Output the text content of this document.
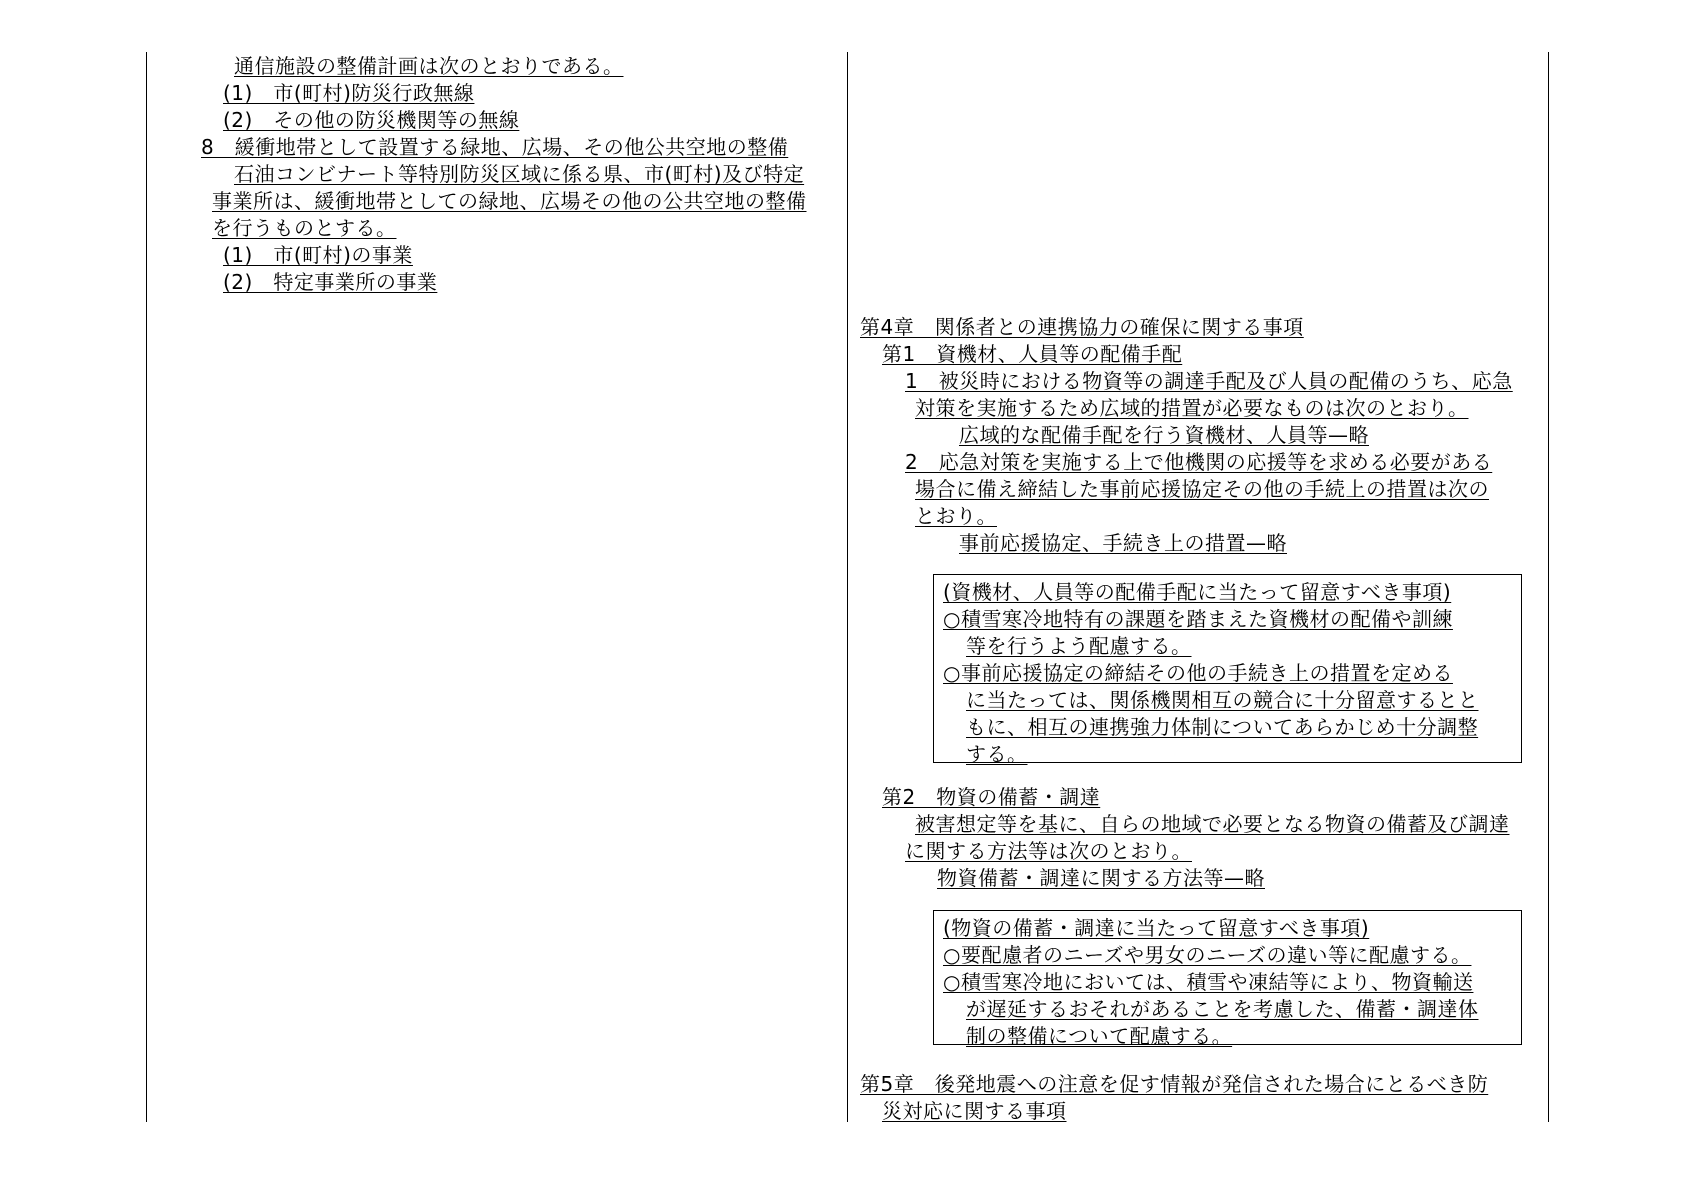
通信施設の整備計画は次のとおりである。
(1)　市(町村)防災行政無線
(2)　その他の防災機関等の無線
8　緩衝地帯として設置する緑地、広場、その他公共空地の整備
石油コンビナート等特別防災区域に係る県、市(町村)及び特定
事業所は、緩衝地帯としての緑地、広場その他の公共空地の整備
を行うものとする。
(1)　市(町村)の事業
(2)　特定事業所の事業
第4章　関係者との連携協力の確保に関する事項
第1　資機材、人員等の配備手配
1　被災時における物資等の調達手配及び人員の配備のうち、応急
対策を実施するため広域的措置が必要なものは次のとおり。
広域的な配備手配を行う資機材、人員等—略
2　応急対策を実施する上で他機関の応援等を求める必要がある
場合に備え締結した事前応援協定その他の手続上の措置は次の
とおり。
事前応援協定、手続き上の措置—略
(資機材、人員等の配備手配に当たって留意すべき事項)
○積雪寒冷地特有の課題を踏まえた資機材の配備や訓練
等を行うよう配慮する。
○事前応援協定の締結その他の手続き上の措置を定める
に当たっては、関係機関相互の競合に十分留意するとと
もに、相互の連携強力体制についてあらかじめ十分調整
する。
第2　物資の備蓄・調達
被害想定等を基に、自らの地域で必要となる物資の備蓄及び調達
に関する方法等は次のとおり。
物資備蓄・調達に関する方法等—略
(物資の備蓄・調達に当たって留意すべき事項)
○要配慮者のニーズや男女のニーズの違い等に配慮する。
○積雪寒冷地においては、積雪や凍結等により、物資輸送
が遅延するおそれがあることを考慮した、備蓄・調達体
制の整備について配慮する。
第5章　後発地震への注意を促す情報が発信された場合にとるべき防
災対応に関する事項
